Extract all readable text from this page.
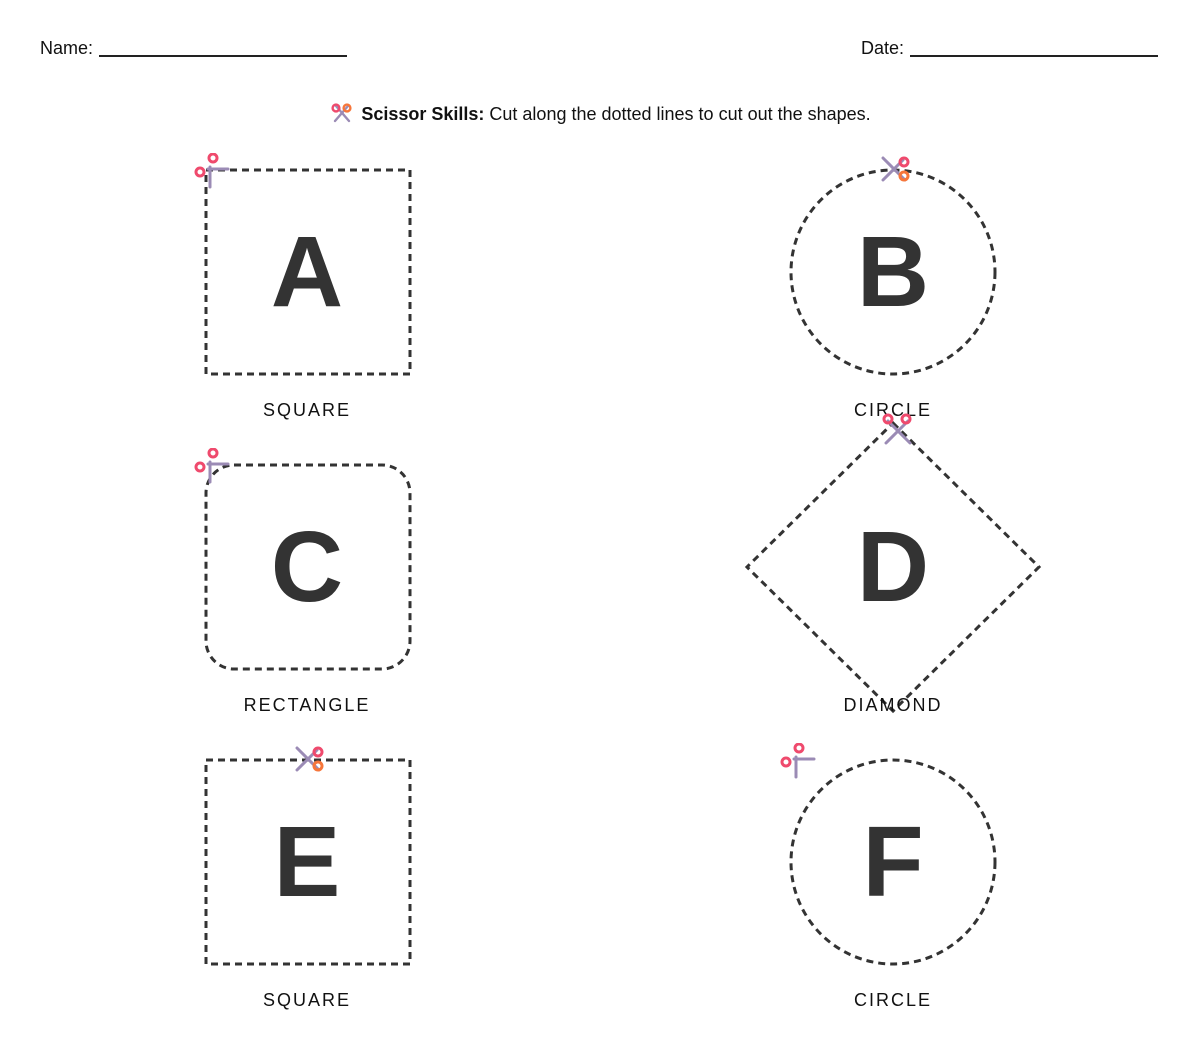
Name:	Date:
Scissor Skills: Cut along the dotted lines to cut out the shapes.
A
SQUARE
B
CIRCLE
C
RECTANGLE
D
DIAMOND
E
SQUARE
F
CIRCLE
